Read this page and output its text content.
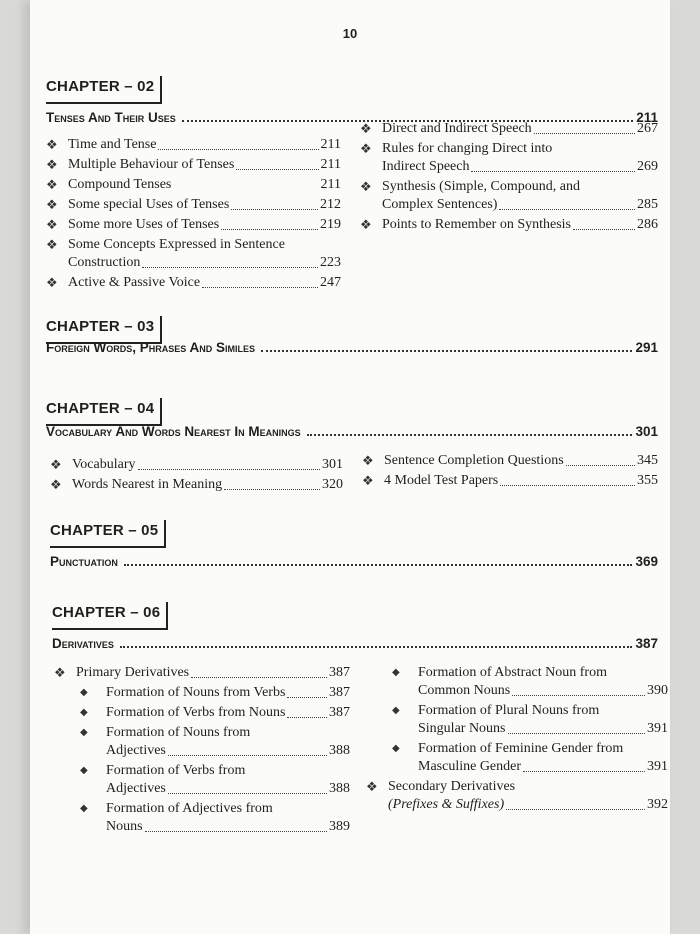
10
CHAPTER – 02
Tenses And Their Uses	211
❖ Time and Tense	211
❖ Multiple Behaviour of Tenses	211
❖ Compound Tenses	211
❖ Some special Uses of Tenses	212
❖ Some more Uses of Tenses	219
❖ Some Concepts Expressed in Sentence
Construction	223
❖ Active & Passive Voice	247
❖ Direct and Indirect Speech	267
❖ Rules for changing Direct into
Indirect Speech	269
❖ Synthesis (Simple, Compound, and
Complex Sentences)	285
❖ Points to Remember on Synthesis	286
CHAPTER – 03
Foreign Words, Phrases And Similes	291
CHAPTER – 04
Vocabulary And Words Nearest In Meanings	301
❖ Vocabulary	301
❖ Words Nearest in Meaning	320
❖ Sentence Completion Questions	345
❖ 4 Model Test Papers	355
CHAPTER – 05
Punctuation	369
CHAPTER – 06
Derivatives	387
❖ Primary Derivatives	387
◆	Formation of Nouns from Verbs	387
◆	Formation of Verbs from Nouns	387
◆	Formation of Nouns from
Adjectives	388
◆	Formation of Verbs from
Adjectives	388
◆	Formation of Adjectives from
Nouns	389
◆	Formation of Abstract Noun from
Common Nouns	390
◆	Formation of Plural Nouns from
Singular Nouns	391
◆	Formation of Feminine Gender from
Masculine Gender	391
❖ Secondary Derivatives
(Prefixes & Suffixes)	392
